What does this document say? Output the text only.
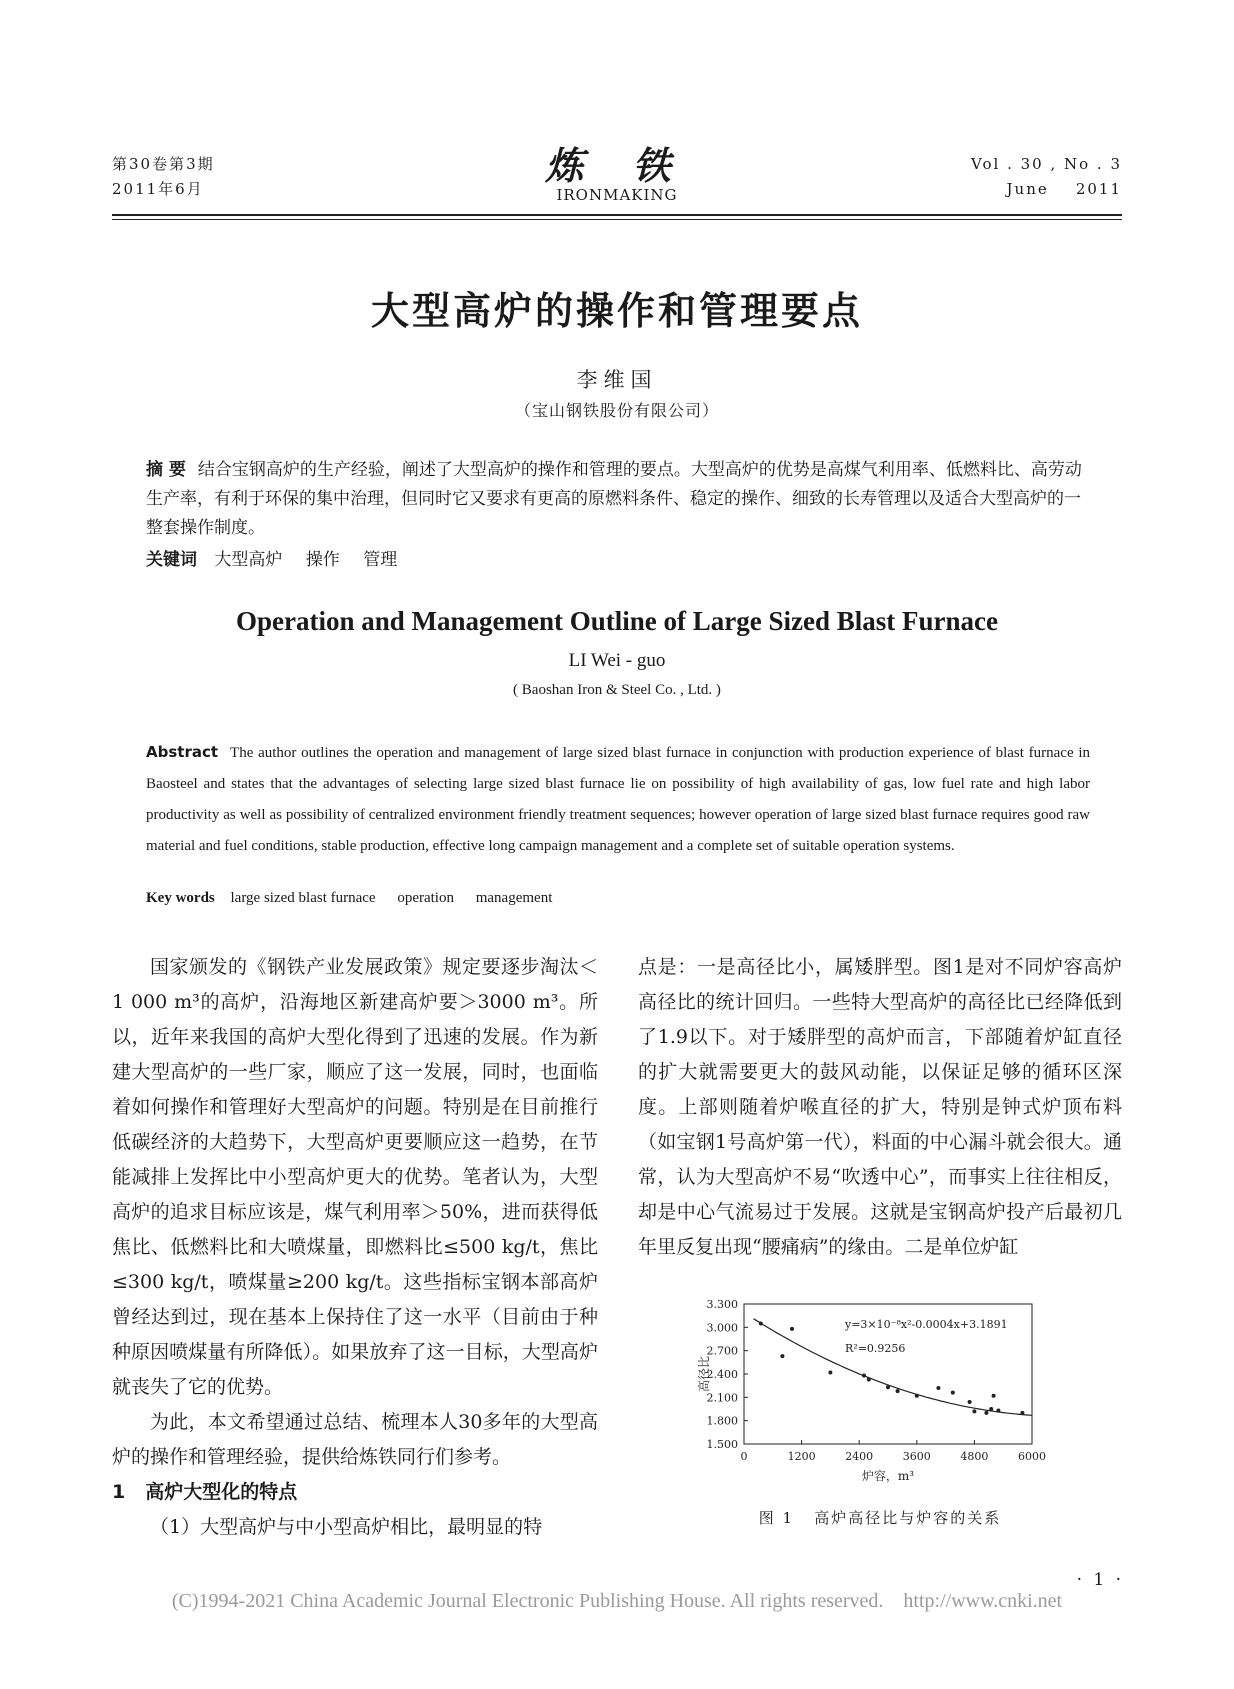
第30卷第3期
2011年6月
炼 铁
IRONMAKING
Vol . 30 , No . 3
June    2011
大型高炉的操作和管理要点
李维国
（宝山钢铁股份有限公司）
摘 要 结合宝钢高炉的生产经验，阐述了大型高炉的操作和管理的要点。大型高炉的优势是高煤气利用率、低燃料比、高劳动生产率，有利于环保的集中治理，但同时它又要求有更高的原燃料条件、稳定的操作、细致的长寿管理以及适合大型高炉的一整套操作制度。
关键词 大型高炉 操作 管理
Operation and Management Outline of Large Sized Blast Furnace
LI Wei - guo
( Baoshan Iron & Steel Co. , Ltd. )
Abstract The author outlines the operation and management of large sized blast furnace in conjunction with production experience of blast furnace in Baosteel and states that the advantages of selecting large sized blast furnace lie on possibility of high availability of gas, low fuel rate and high labor productivity as well as possibility of centralized environment friendly treatment sequences; however operation of large sized blast furnace requires good raw material and fuel conditions, stable production, effective long campaign management and a complete set of suitable operation systems.
Key words large sized blast furnace operation management

国家颁发的《钢铁产业发展政策》规定要逐步淘汰＜1 000 m³的高炉，沿海地区新建高炉要＞3000 m³。所以，近年来我国的高炉大型化得到了迅速的发展。作为新建大型高炉的一些厂家，顺应了这一发展，同时，也面临着如何操作和管理好大型高炉的问题。特别是在目前推行低碳经济的大趋势下，大型高炉更要顺应这一趋势，在节能减排上发挥比中小型高炉更大的优势。笔者认为，大型高炉的追求目标应该是，煤气利用率＞50%，进而获得低焦比、低燃料比和大喷煤量，即燃料比≤500 kg/t，焦比≤300 kg/t，喷煤量≥200 kg/t。这些指标宝钢本部高炉曾经达到过，现在基本上保持住了这一水平（目前由于种种原因喷煤量有所降低）。如果放弃了这一目标，大型高炉就丧失了它的优势。

为此，本文希望通过总结、梳理本人30多年的大型高炉的操作和管理经验，提供给炼铁同行们参考。

1 高炉大型化的特点

（1）大型高炉与中小型高炉相比，最明显的特

点是：一是高径比小，属矮胖型。图1是对不同炉容高炉高径比的统计回归。一些特大型高炉的高径比已经降低到了1.9以下。对于矮胖型的高炉而言，下部随着炉缸直径的扩大就需要更大的鼓风动能，以保证足够的循环区深度。上部则随着炉喉直径的扩大，特别是钟式炉顶布料（如宝钢1号高炉第一代），料面的中心漏斗就会很大。通常，认为大型高炉不易“吹透中心”，而事实上往往相反，却是中心气流易过于发展。这就是宝钢高炉投产后最初几年里反复出现“腰痛病”的缘由。二是单位炉缸

1.500
1.800
2.100
2.400
2.700
3.000
3.300
0	1200	2400	3600	4800	6000
炉容，m³
高径比
y=3×10⁻⁸x²-0.0004x+3.1891
R²=0.9256
图 1   高炉高径比与炉容的关系
· 1 ·
(C)1994-2021 China Academic Journal Electronic Publishing House. All rights reserved.    http://www.cnki.net
